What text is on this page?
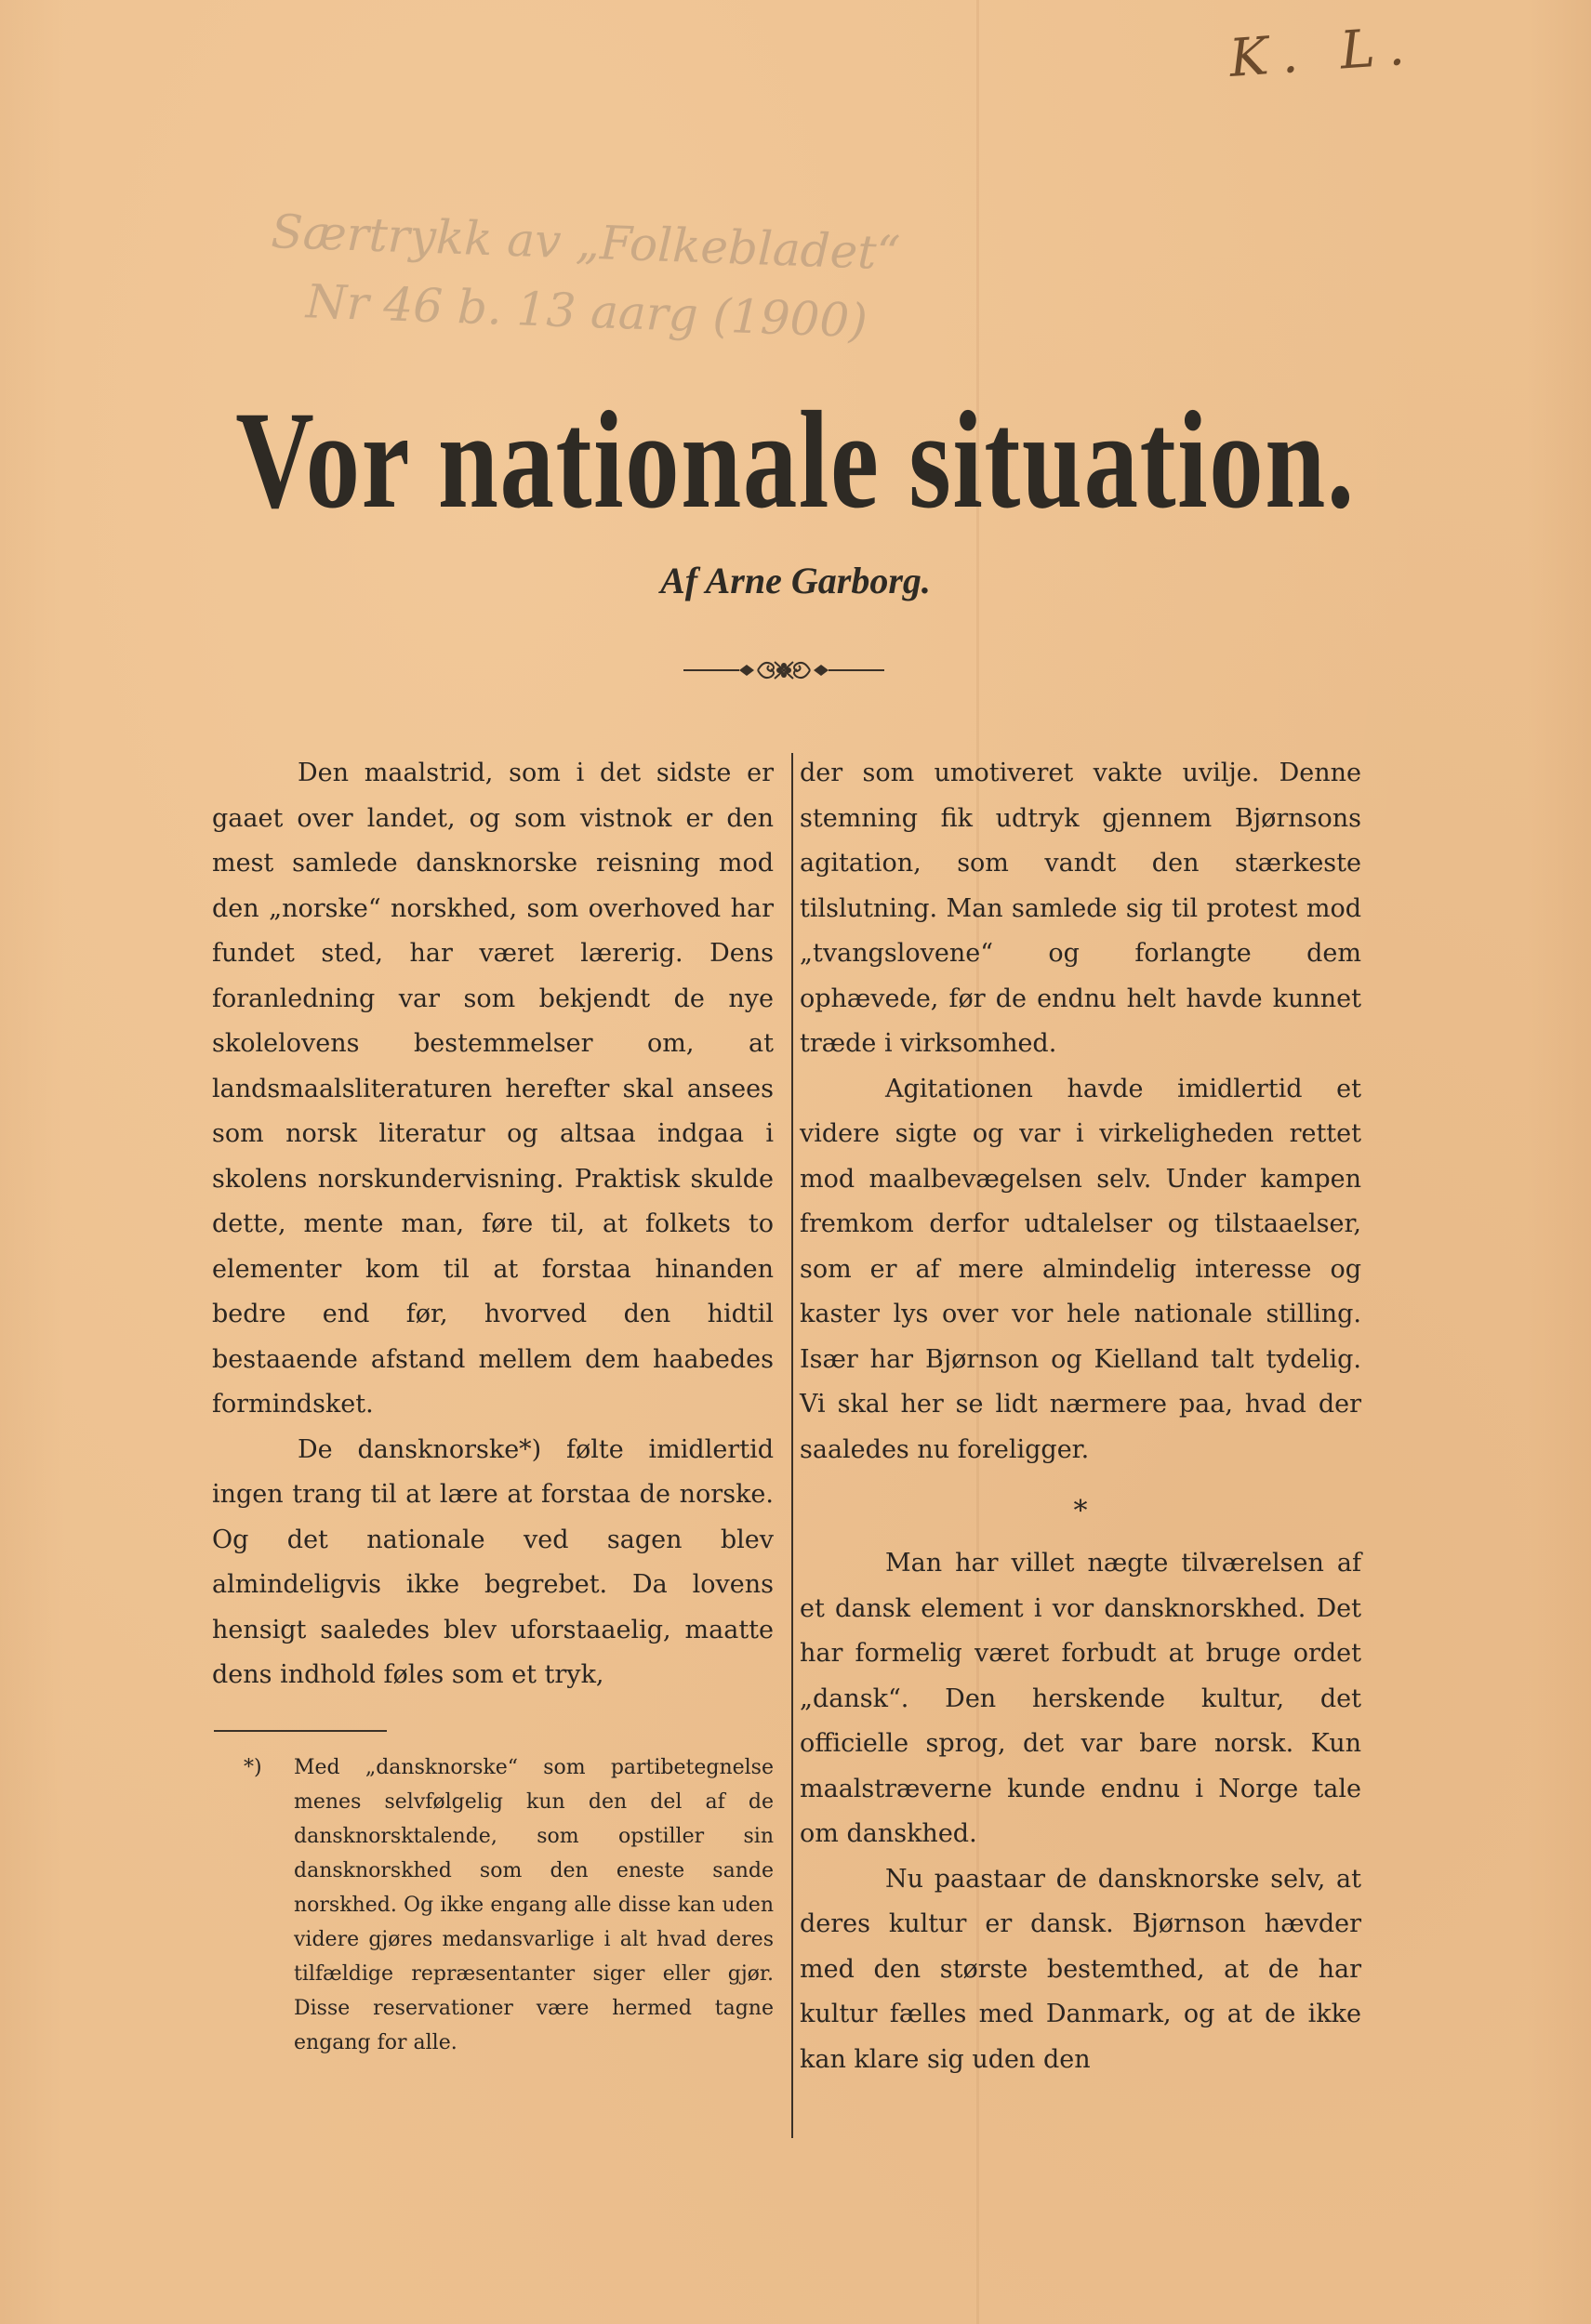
K. L.
Særtrykk av „Folkebladet“
Nr 46 b. 13 aarg (1900)
Vor nationale situation.
Af Arne Garborg.

Den maalstrid, som i det sidste er gaaet over landet, og som vistnok er den mest samlede dansknorske reisning mod den „norske“ norskhed, som overhoved har fundet sted, har været lærerig. Dens foranledning var som bekjendt de nye skolelovens bestemmelser om, at landsmaalsliteraturen herefter skal ansees som norsk literatur og altsaa indgaa i skolens norskundervisning. Praktisk skulde dette, mente man, føre til, at folkets to elementer kom til at forstaa hinanden bedre end før, hvorved den hidtil bestaaende afstand mellem dem haabedes formindsket.

De dansknorske*) følte imidlertid ingen trang til at lære at forstaa de norske. Og det nationale ved sagen blev almindeligvis ikke begrebet. Da lovens hensigt saaledes blev uforstaaelig, maatte dens indhold føles som et tryk,

*) Med „dansknorske“ som partibetegnelse menes selvfølgelig kun den del af de dansknorsktalende, som opstiller sin dansknorskhed som den eneste sande norskhed. Og ikke engang alle disse kan uden videre gjøres medansvarlige i alt hvad deres tilfældige repræsentanter siger eller gjør. Disse reservationer være hermed tagne engang for alle.

der som umotiveret vakte uvilje. Denne stemning fik udtryk gjennem Bjørnsons agitation, som vandt den stærkeste tilslutning. Man samlede sig til protest mod „tvangslovene“ og forlangte dem ophævede, før de endnu helt havde kunnet træde i virksomhed.

Agitationen havde imidlertid et videre sigte og var i virkeligheden rettet mod maalbevægelsen selv. Under kampen fremkom derfor udtalelser og tilstaaelser, som er af mere almindelig interesse og kaster lys over vor hele nationale stilling. Især har Bjørnson og Kielland talt tydelig. Vi skal her se lidt nærmere paa, hvad der saaledes nu foreligger.

*

Man har villet nægte tilværelsen af et dansk element i vor dansknorskhed. Det har formelig været forbudt at bruge ordet „dansk“. Den herskende kultur, det officielle sprog, det var bare norsk. Kun maalstræverne kunde endnu i Norge tale om danskhed.

Nu paastaar de dansknorske selv, at deres kultur er dansk. Bjørnson hævder med den største bestemthed, at de har kultur fælles med Danmark, og at de ikke kan klare sig uden den
